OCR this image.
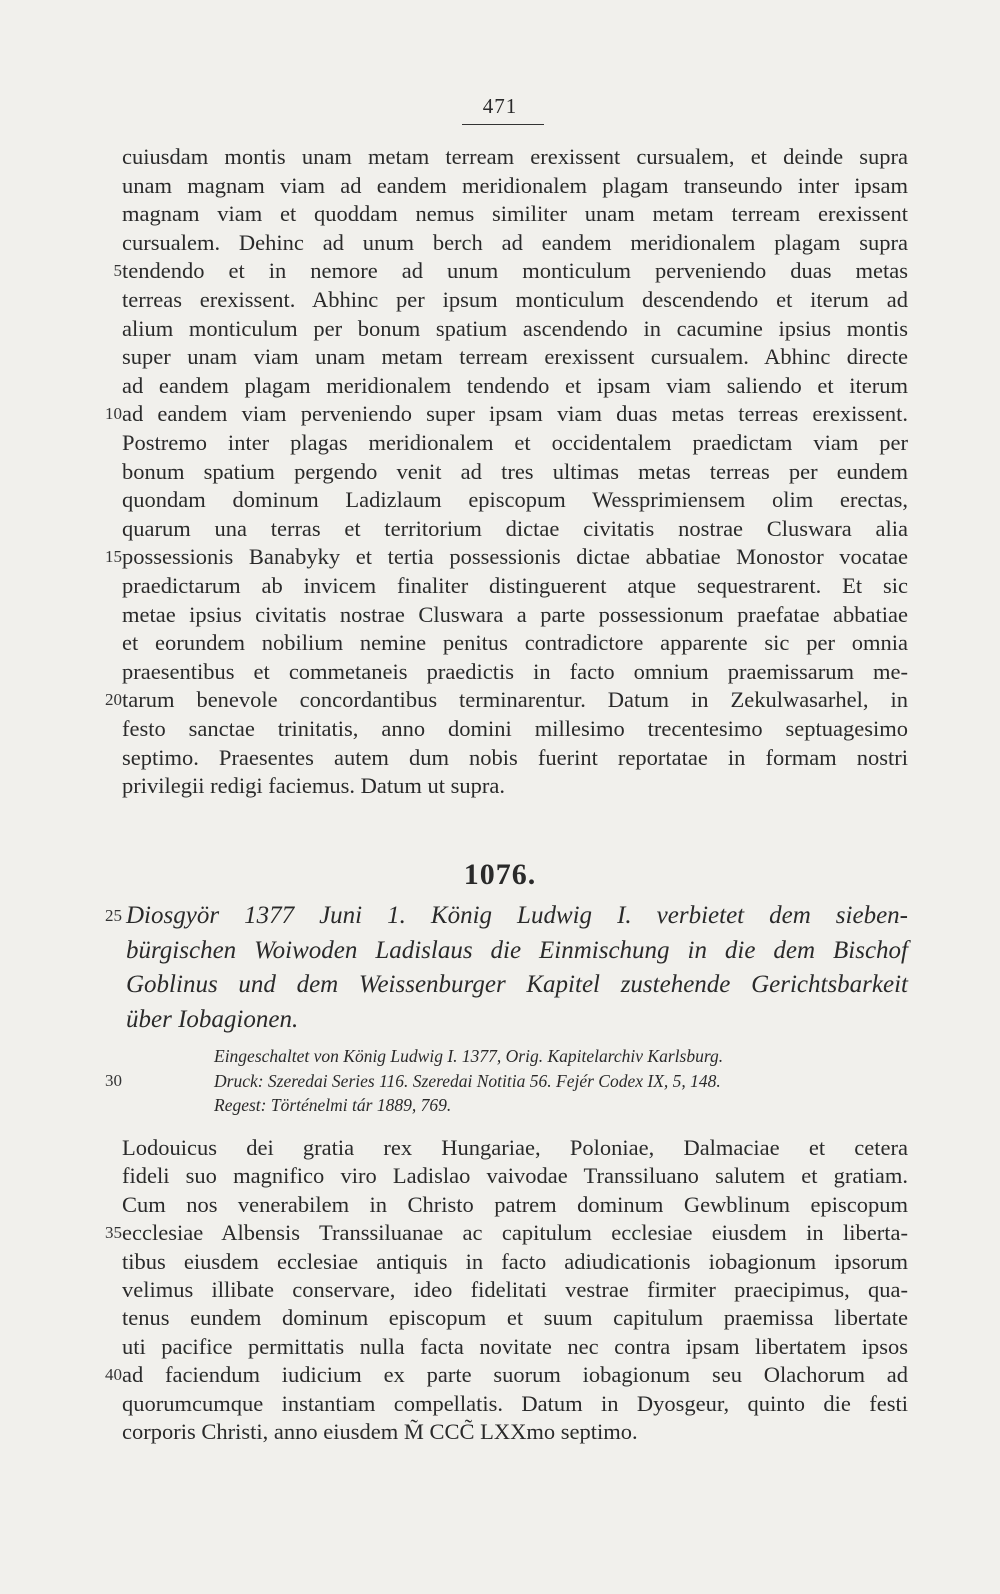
471
cuiusdam montis unam metam terream erexissent cursualem, et deinde supra
unam magnam viam ad eandem meridionalem plagam transeundo inter ipsam
magnam viam et quoddam nemus similiter unam metam terream erexissent
cursualem. Dehinc ad unum berch ad eandem meridionalem plagam supra
5 tendendo et in nemore ad unum monticulum perveniendo duas metas
terreas erexissent. Abhinc per ipsum monticulum descendendo et iterum ad
alium monticulum per bonum spatium ascendendo in cacumine ipsius montis
super unam viam unam metam terream erexissent cursualem. Abhinc directe
ad eandem plagam meridionalem tendendo et ipsam viam saliendo et iterum
10 ad eandem viam perveniendo super ipsam viam duas metas terreas erexissent.
Postremo inter plagas meridionalem et occidentalem praedictam viam per
bonum spatium pergendo venit ad tres ultimas metas terreas per eundem
quondam dominum Ladizlaum episcopum Wessprimiensem olim erectas,
quarum una terras et territorium dictae civitatis nostrae Cluswara alia
15 possessionis Banabyky et tertia possessionis dictae abbatiae Monostor vocatae
praedictarum ab invicem finaliter distinguerent atque sequestrarent. Et sic
metae ipsius civitatis nostrae Cluswara a parte possessionum praefatae abbatiae
et eorundem nobilium nemine penitus contradictore apparente sic per omnia
praesentibus et commetaneis praedictis in facto omnium praemissarum me-
20 tarum benevole concordantibus terminarentur. Datum in Zekulwasarhel, in
festo sanctae trinitatis, anno domini millesimo trecentesimo septuagesimo
septimo. Praesentes autem dum nobis fuerint reportatae in formam nostri
privilegii redigi faciemus. Datum ut supra.
1076.
25 Diosgyör 1377 Juni 1. König Ludwig I. verbietet dem sieben-
bürgischen Woiwoden Ladislaus die Einmischung in die dem Bischof
Goblinus und dem Weissenburger Kapitel zustehende Gerichtsbarkeit
über Iobagionen.
Eingeschaltet von König Ludwig I. 1377, Orig. Kapitelarchiv Karlsburg.
30	Druck: Szeredai Series 116. Szeredai Notitia 56. Fejér Codex IX, 5, 148.
Regest: Történelmi tár 1889, 769.
Lodouicus dei gratia rex Hungariae, Poloniae, Dalmaciae et cetera
fideli suo magnifico viro Ladislao vaivodae Transsiluano salutem et gratiam.
Cum nos venerabilem in Christo patrem dominum Gewblinum episcopum
35 ecclesiae Albensis Transsiluanae ac capitulum ecclesiae eiusdem in liberta-
tibus eiusdem ecclesiae antiquis in facto adiudicationis iobagionum ipsorum
velimus illibate conservare, ideo fidelitati vestrae firmiter praecipimus, qua-
tenus eundem dominum episcopum et suum capitulum praemissa libertate
uti pacifice permittatis nulla facta novitate nec contra ipsam libertatem ipsos
40 ad faciendum iudicium ex parte suorum iobagionum seu Olachorum ad
quorumcumque instantiam compellatis. Datum in Dyosgeur, quinto die festi
corporis Christi, anno eiusdem M̃ CCC̃ LXXmo septimo.
